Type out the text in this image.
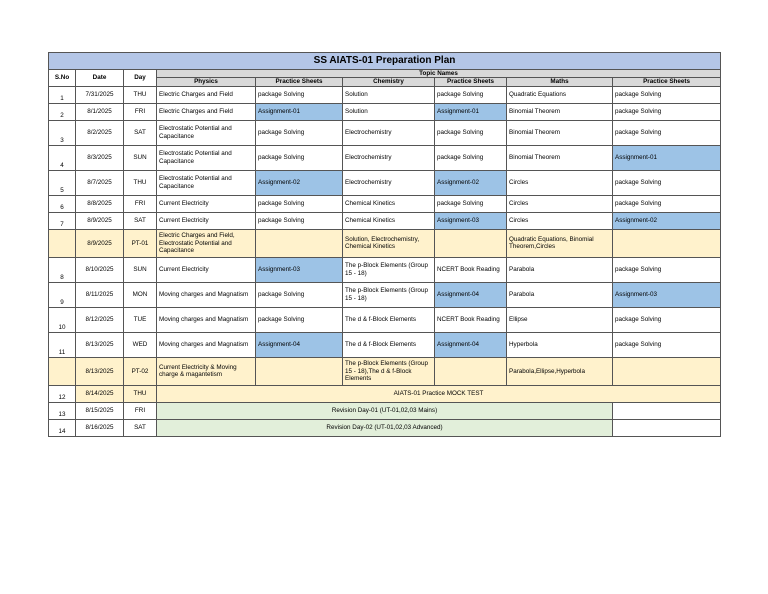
SS AIATS-01 Preparation Plan								
S.No	Date	Day	Topic Names					
			Physics	Practice Sheets	Chemistry	Practice Sheets	Maths	Practice Sheets
1	7/31/2025	THU	Electric Charges and Field	package Solving	Solution	package Solving	Quadratic Equations	package Solving
2	8/1/2025	FRI	Electric Charges and Field	Assignment-01	Solution	Assignment-01	Binomial Theorem	package Solving
3	8/2/2025	SAT	Electrostatic Potential and Capacitance	package Solving	Electrochemistry	package Solving	Binomial Theorem	package Solving
4	8/3/2025	SUN	Electrostatic Potential and Capacitance	package Solving	Electrochemistry	package Solving	Binomial Theorem	Assignment-01
5	8/7/2025	THU	Electrostatic Potential and Capacitance	Assignment-02	Electrochemistry	Assignment-02	Circles	package Solving
6	8/8/2025	FRI	Current Electricity	package Solving	Chemical Kinetics	package Solving	Circles	package Solving
7	8/9/2025	SAT	Current Electricity	package Solving	Chemical Kinetics	Assignment-03	Circles	Assignment-02
	8/9/2025	PT-01	Electric Charges and Field, Electrostatic Potential and Capacitance		Solution, Electrochemistry, Chemical Kinetics		Quadratic Equations, Binomial Theorem,Circles	
8	8/10/2025	SUN	Current Electricity	Assignment-03	The p-Block Elements (Group 15 - 18)	NCERT Book Reading	Parabola	package Solving
9	8/11/2025	MON	Moving charges and Magnatism	package Solving	The p-Block Elements (Group 15 - 18)	Assignment-04	Parabola	Assignment-03
10	8/12/2025	TUE	Moving charges and Magnatism	package Solving	The d & f-Block Elements	NCERT Book Reading	Ellipse	package Solving
11	8/13/2025	WED	Moving charges and Magnatism	Assignment-04	The d & f-Block Elements	Assignment-04	Hyperbola	package Solving
	8/13/2025	PT-02	Current Electricity & Moving charge & magantetism		The p-Block Elements (Group 15 - 18),The d & f-Block Elements		Parabola,Ellipse,Hyperbola	
12	8/14/2025	THU	AIATS-01 Practice MOCK TEST					
13	8/15/2025	FRI	Revision Day-01 (UT-01,02,03 Mains)					
14	8/16/2025	SAT	Revision Day-02 (UT-01,02,03 Advanced)					
